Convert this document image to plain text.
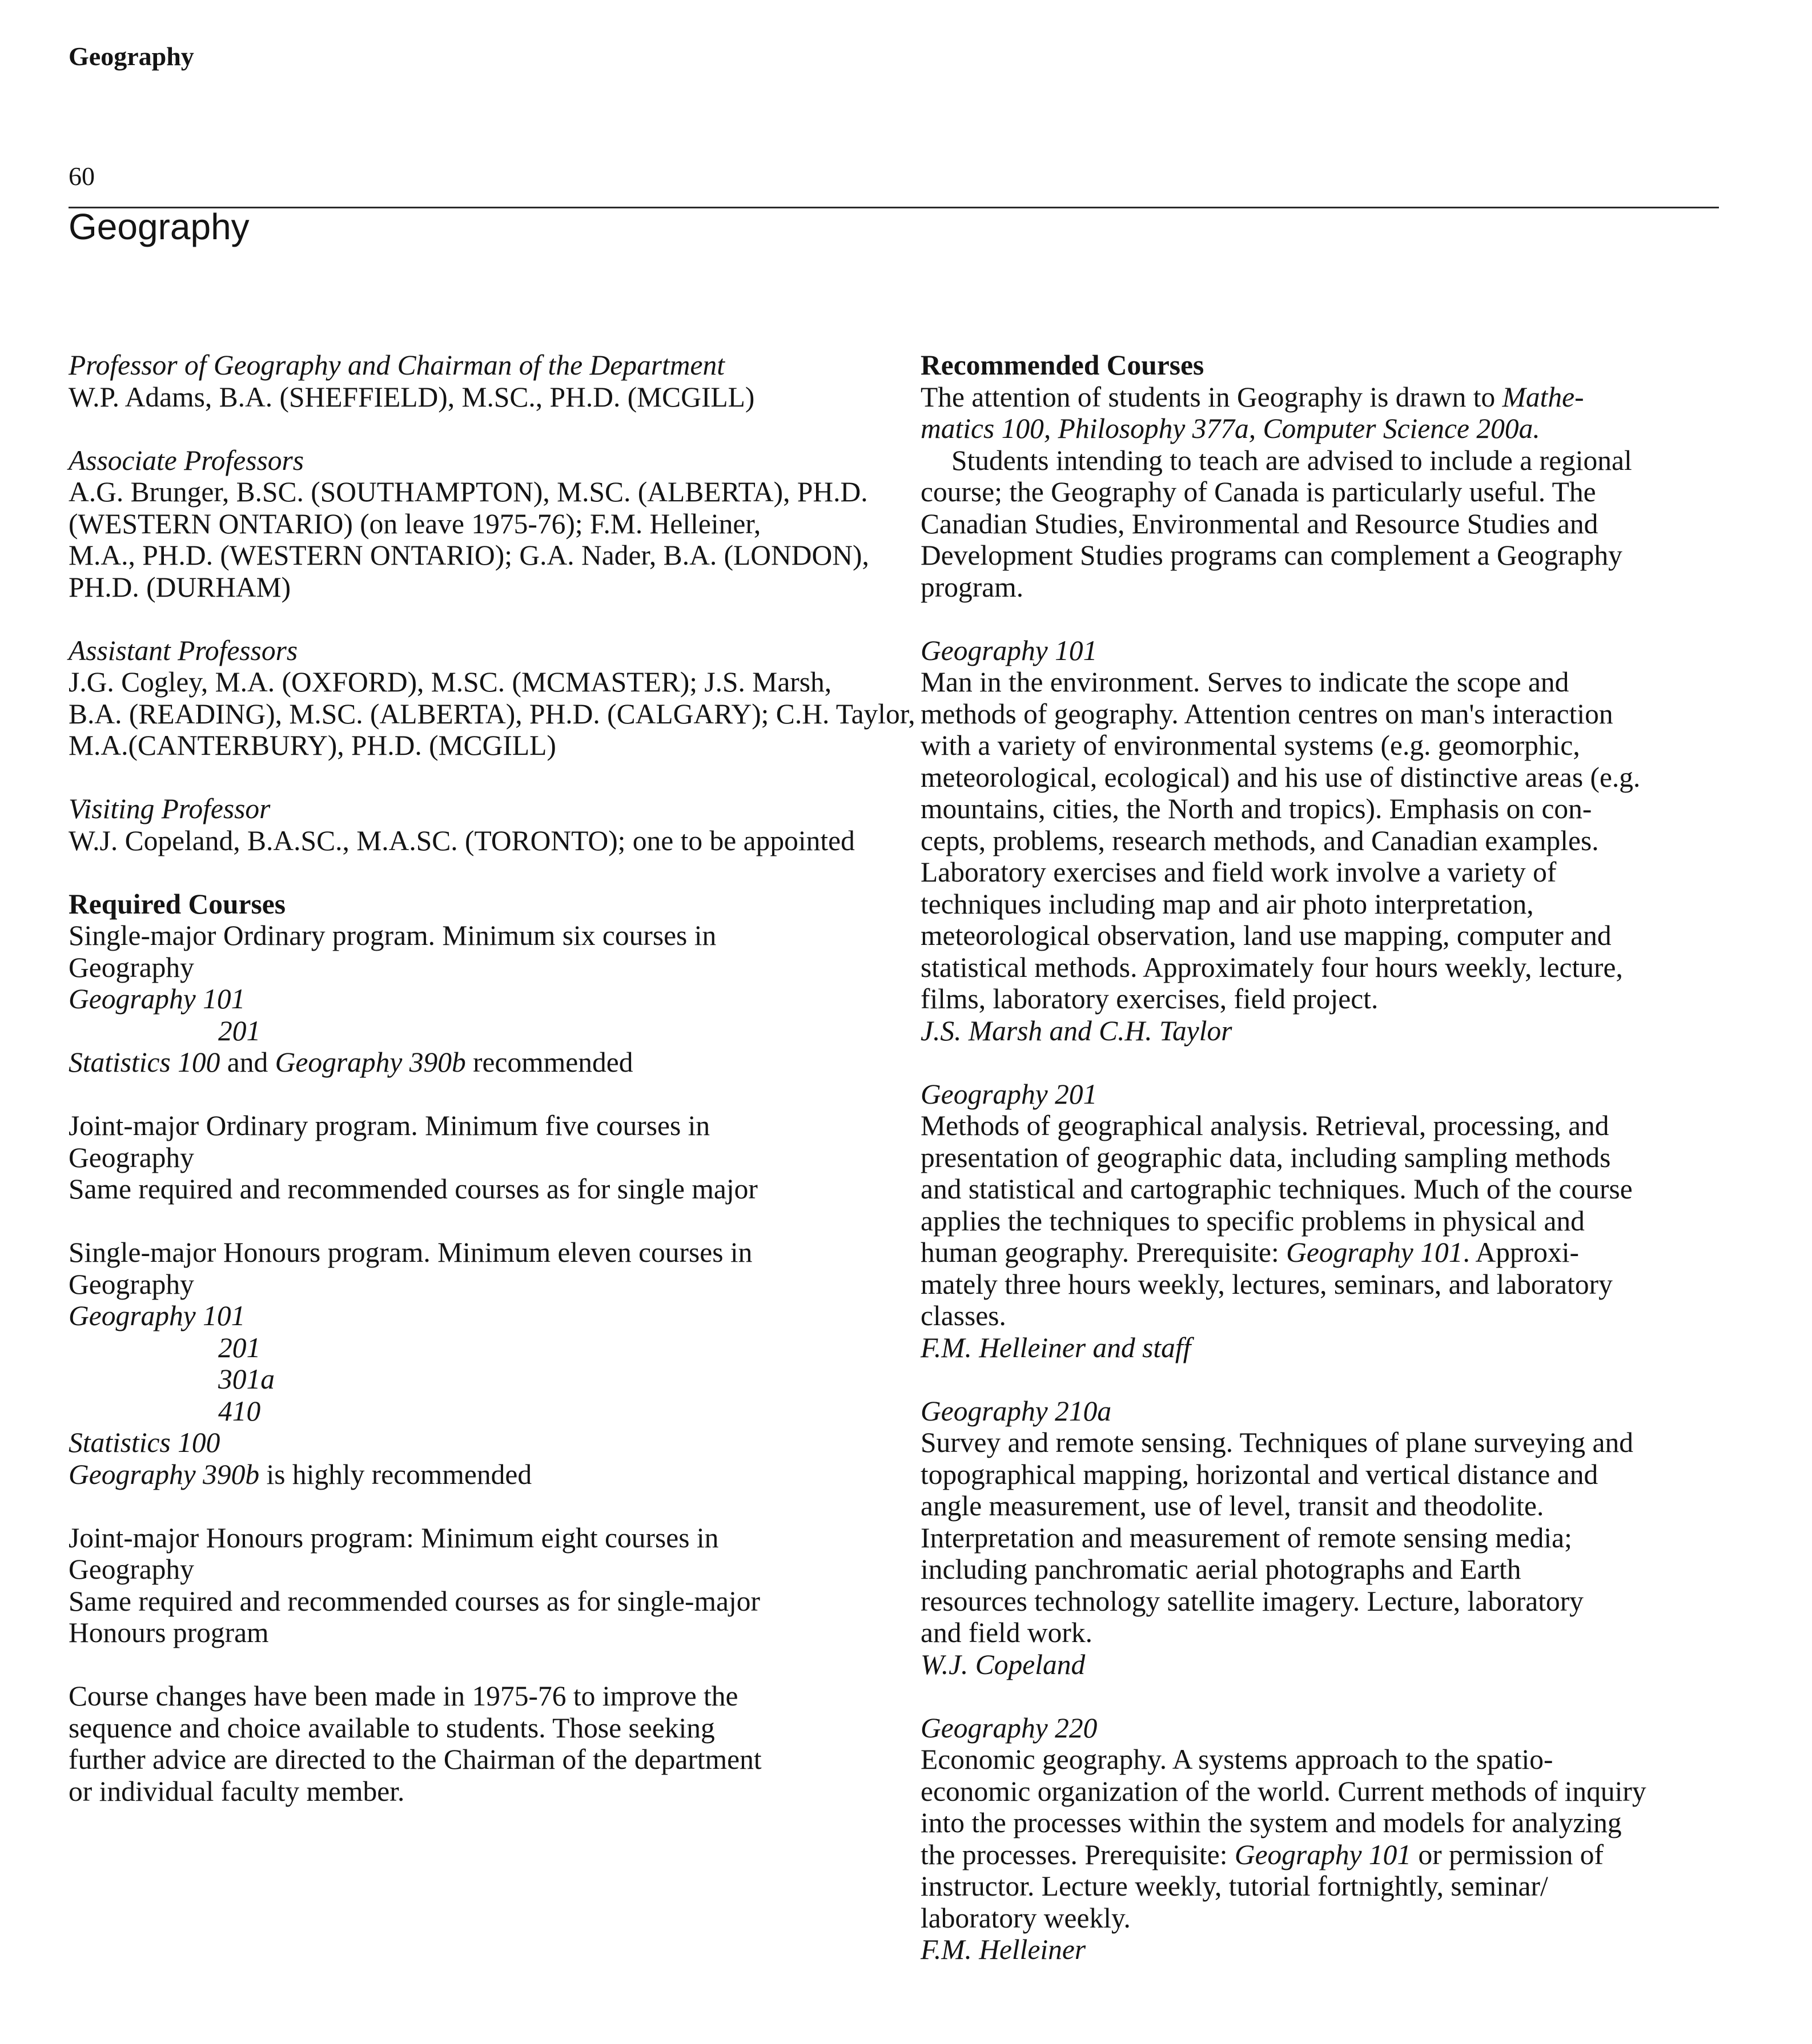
Geography
60
Geography
Professor of Geography and Chairman of the Department
W.P. Adams, B.A. (SHEFFIELD), M.SC., PH.D. (MCGILL)
Associate Professors
A.G. Brunger, B.SC. (SOUTHAMPTON), M.SC. (ALBERTA), PH.D.
(WESTERN ONTARIO) (on leave 1975-76); F.M. Helleiner,
M.A., PH.D. (WESTERN ONTARIO); G.A. Nader, B.A. (LONDON),
PH.D. (DURHAM)
Assistant Professors
J.G. Cogley, M.A. (OXFORD), M.SC. (MCMASTER); J.S. Marsh,
B.A. (READING), M.SC. (ALBERTA), PH.D. (CALGARY); C.H. Taylor,
M.A.(CANTERBURY), PH.D. (MCGILL)
Visiting Professor
W.J. Copeland, B.A.SC., M.A.SC. (TORONTO); one to be appointed
Required Courses
Single-major Ordinary program. Minimum six courses in
Geography
Geography 101
201
Statistics 100 and Geography 390b recommended
Joint-major Ordinary program. Minimum five courses in
Geography
Same required and recommended courses as for single major
Single-major Honours program. Minimum eleven courses in
Geography
Geography 101
201
301a
410
Statistics 100
Geography 390b is highly recommended
Joint-major Honours program: Minimum eight courses in
Geography
Same required and recommended courses as for single-major
Honours program
Course changes have been made in 1975-76 to improve the
sequence and choice available to students. Those seeking
further advice are directed to the Chairman of the department
or individual faculty member.
Recommended Courses
The attention of students in Geography is drawn to Mathe-
matics 100, Philosophy 377a, Computer Science 200a.
Students intending to teach are advised to include a regional
course; the Geography of Canada is particularly useful. The
Canadian Studies, Environmental and Resource Studies and
Development Studies programs can complement a Geography
program.
Geography 101
Man in the environment. Serves to indicate the scope and
methods of geography. Attention centres on man's interaction
with a variety of environmental systems (e.g. geomorphic,
meteorological, ecological) and his use of distinctive areas (e.g.
mountains, cities, the North and tropics). Emphasis on con-
cepts, problems, research methods, and Canadian examples.
Laboratory exercises and field work involve a variety of
techniques including map and air photo interpretation,
meteorological observation, land use mapping, computer and
statistical methods. Approximately four hours weekly, lecture,
films, laboratory exercises, field project.
J.S. Marsh and C.H. Taylor
Geography 201
Methods of geographical analysis. Retrieval, processing, and
presentation of geographic data, including sampling methods
and statistical and cartographic techniques. Much of the course
applies the techniques to specific problems in physical and
human geography. Prerequisite: Geography 101. Approxi-
mately three hours weekly, lectures, seminars, and laboratory
classes.
F.M. Helleiner and staff
Geography 210a
Survey and remote sensing. Techniques of plane surveying and
topographical mapping, horizontal and vertical distance and
angle measurement, use of level, transit and theodolite.
Interpretation and measurement of remote sensing media;
including panchromatic aerial photographs and Earth
resources technology satellite imagery. Lecture, laboratory
and field work.
W.J. Copeland
Geography 220
Economic geography. A systems approach to the spatio-
economic organization of the world. Current methods of inquiry
into the processes within the system and models for analyzing
the processes. Prerequisite: Geography 101 or permission of
instructor. Lecture weekly, tutorial fortnightly, seminar/
laboratory weekly.
F.M. Helleiner
